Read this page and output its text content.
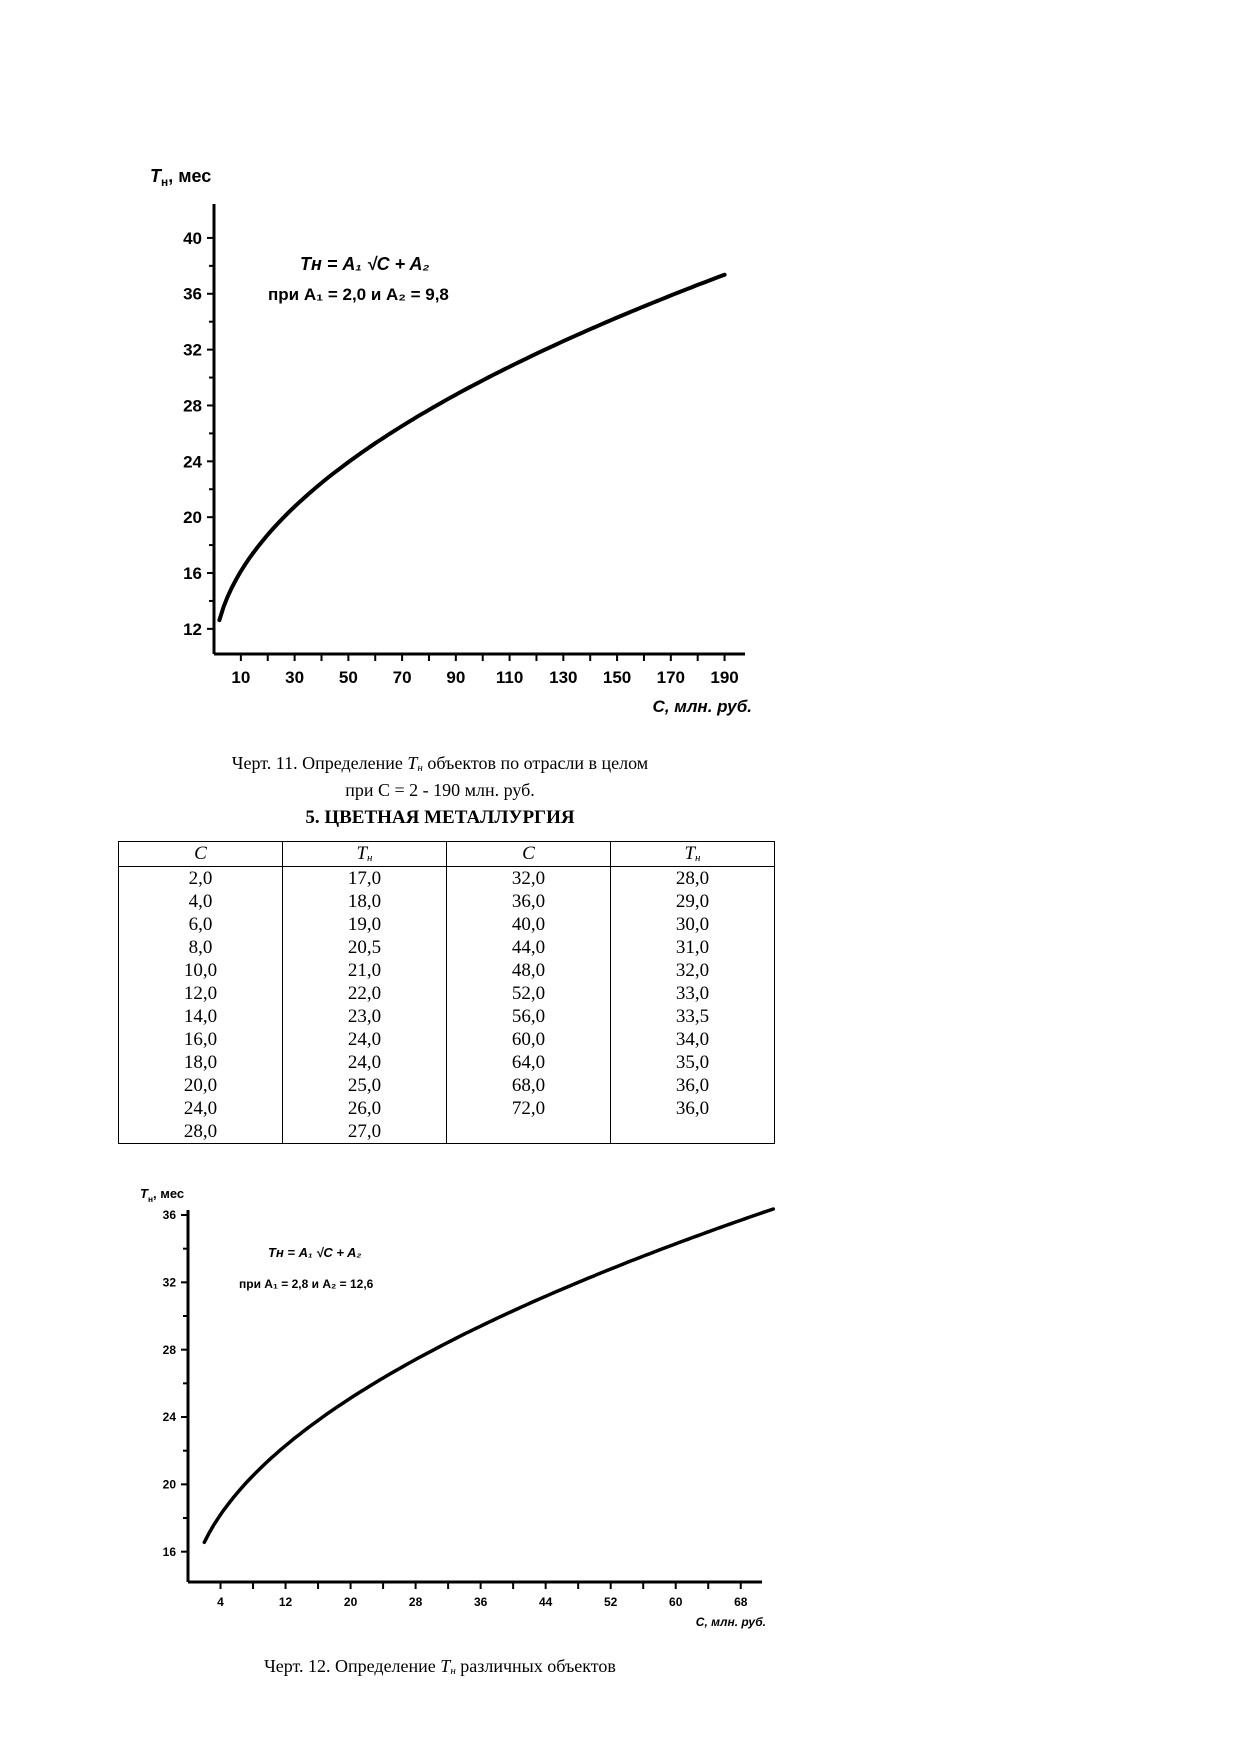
12
16
20
24
28
32
36
40
10 30 50 70 90 110 130 150 170 190
$T_н$, мес
C, млн. руб.
Tн = A₁ √C + A₂
при A₁ = 2,0 и A₂ = 9,8
Черт. 11. Определение Tн объектов по отрасли в целом
при С = 2 - 190 млн. руб.
5. ЦВЕТНАЯ МЕТАЛЛУРГИЯ
C	Tн	C	Tн
2,0	17,0	32,0	28,0
4,0	18,0	36,0	29,0
6,0	19,0	40,0	30,0
8,0	20,5	44,0	31,0
10,0	21,0	48,0	32,0
12,0	22,0	52,0	33,0
14,0	23,0	56,0	33,5
16,0	24,0	60,0	34,0
18,0	24,0	64,0	35,0
20,0	25,0	68,0	36,0
24,0	26,0	72,0	36,0
28,0	27,0		
16
20
24
28
32
36
4	12	20	28	36	44	52	60	68
$T_н$, мес
C, млн. руб.
Tн = A₁ √C + A₂
при A₁ = 2,8 и A₂ = 12,6
Черт. 12. Определение Tн различных объектов
